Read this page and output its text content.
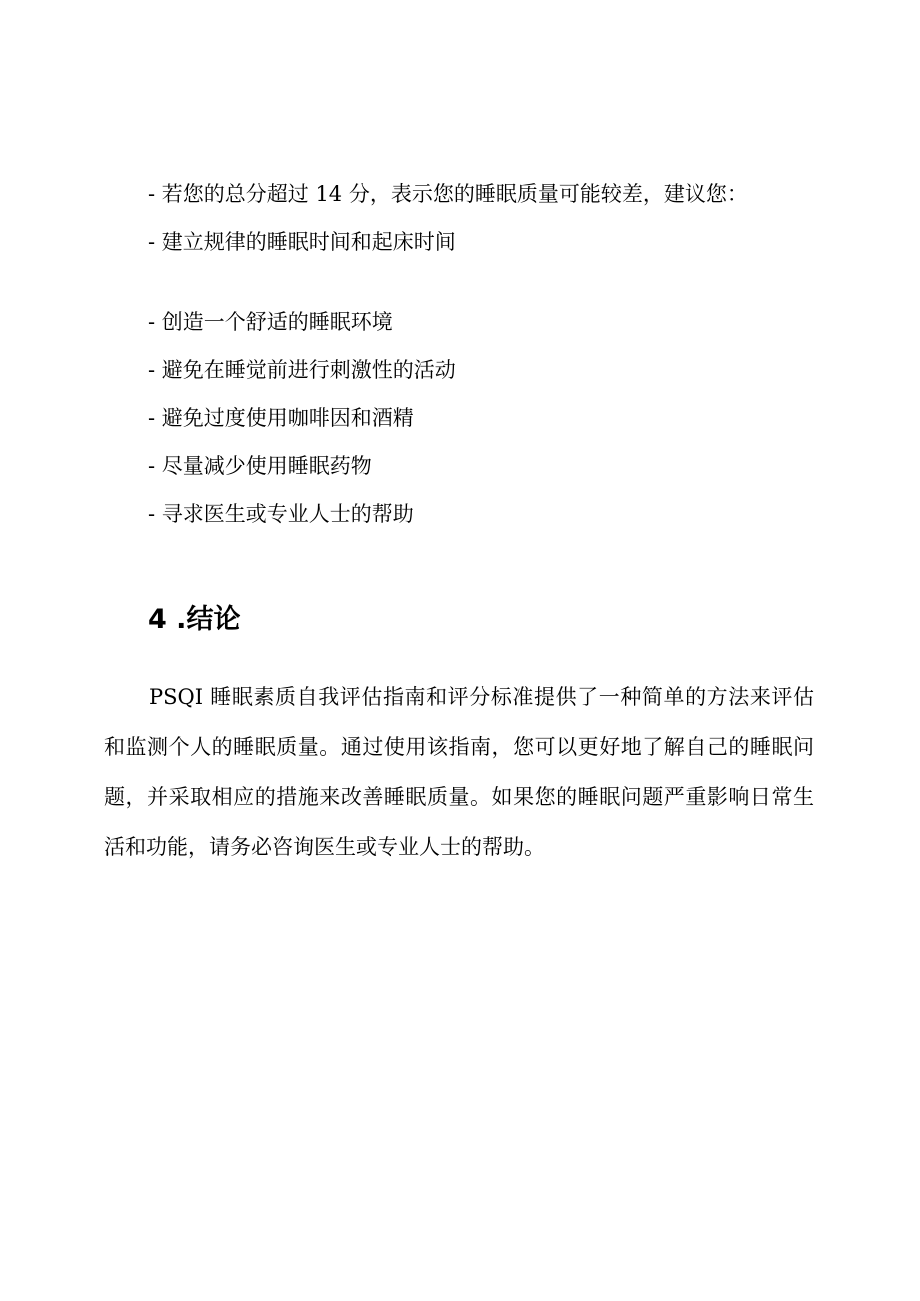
- 若您的总分超过 14 分，表示您的睡眠质量可能较差，建议您：
- 建立规律的睡眠时间和起床时间
- 创造一个舒适的睡眠环境
- 避免在睡觉前进行刺激性的活动
- 避免过度使用咖啡因和酒精
- 尽量减少使用睡眠药物
- 寻求医生或专业人士的帮助
4 .结论

PSQI 睡眠素质自我评估指南和评分标准提供了一种简单的方法来评估和监测个人的睡眠质量。通过使用该指南，您可以更好地了解自己的睡眠问题，并采取相应的措施来改善睡眠质量。如果您的睡眠问题严重影响日常生活和功能，请务必咨询医生或专业人士的帮助。
